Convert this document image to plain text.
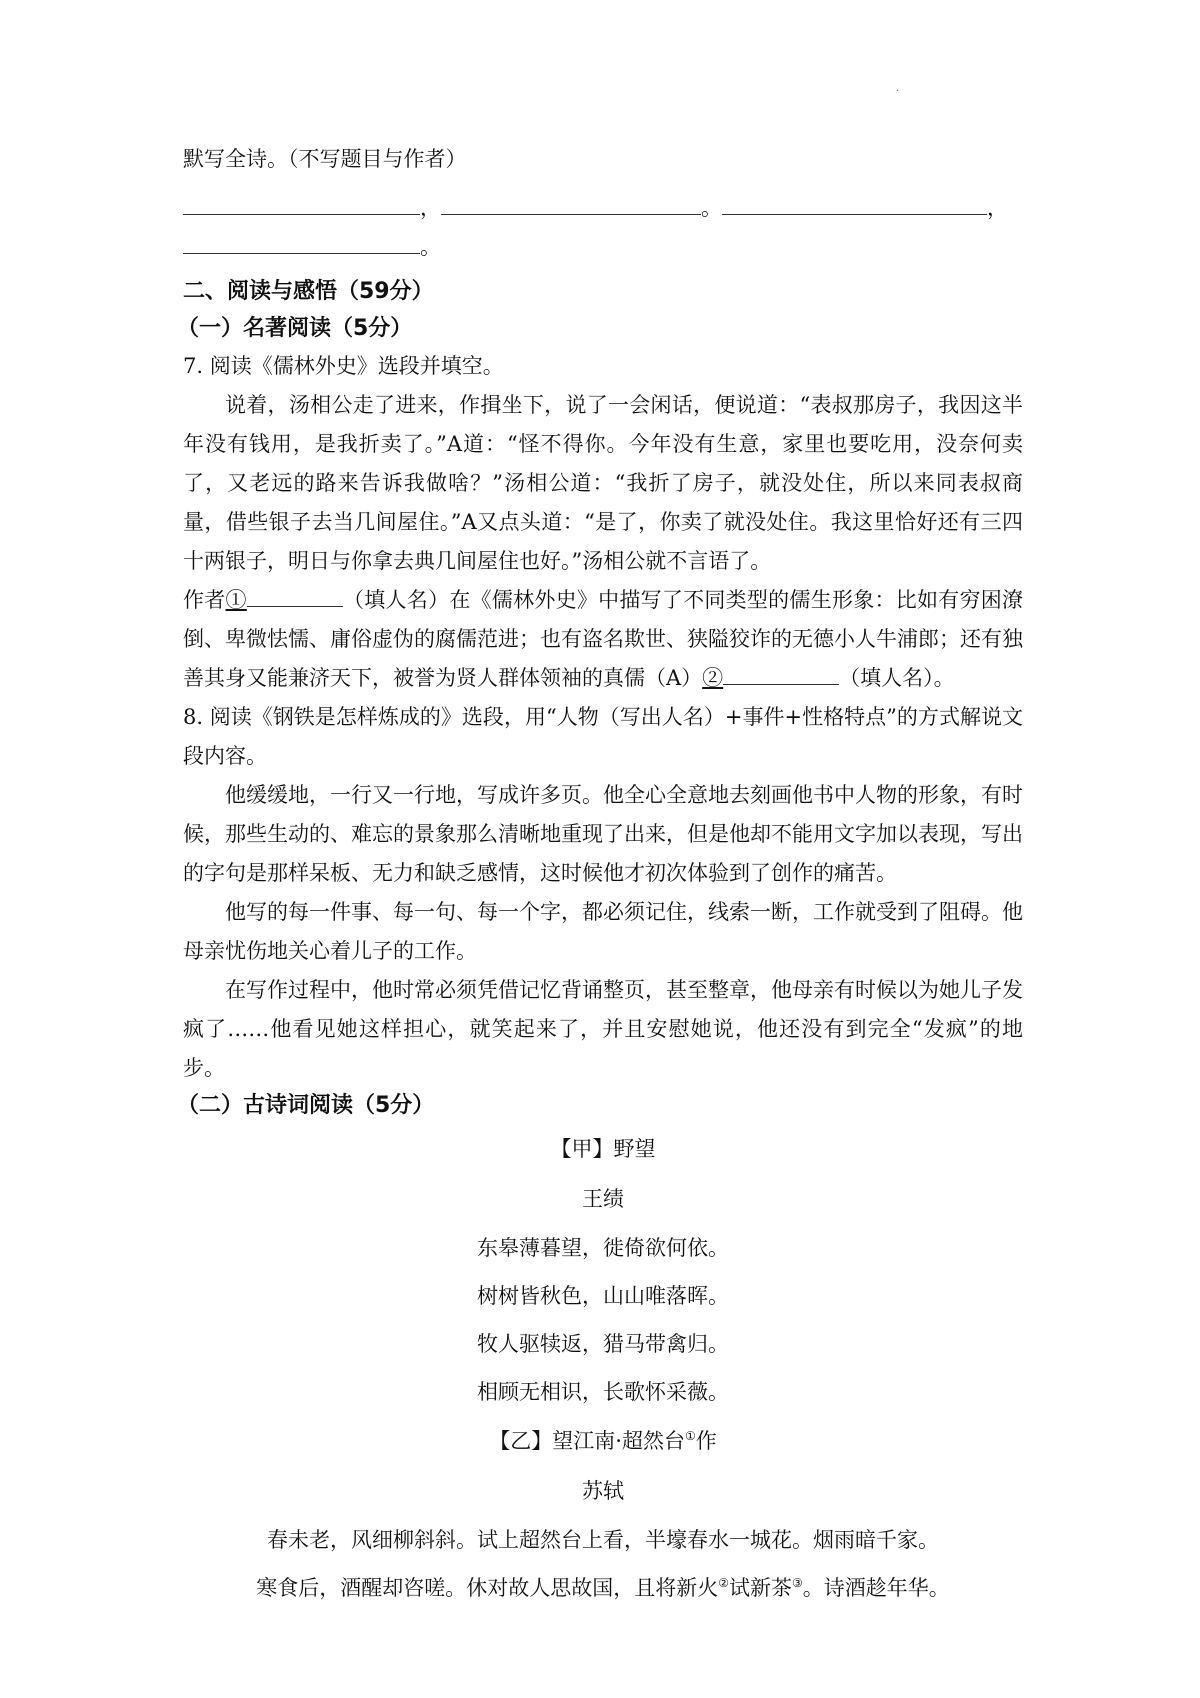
·
默写全诗。（不写题目与作者）
，	。	，
。
二、阅读与感悟（59分）
（一）名著阅读（5分）

7. 阅读《儒林外史》选段并填空。

说着，汤相公走了进来，作揖坐下，说了一会闲话，便说道：“表叔那房子，我因这半年没有钱用，是我折卖了。”A道：“怪不得你。今年没有生意，家里也要吃用，没奈何卖了，又老远的路来告诉我做啥？”汤相公道：“我折了房子，就没处住，所以来同表叔商量，借些银子去当几间屋住。”A又点头道：“是了，你卖了就没处住。我这里恰好还有三四十两银子，明日与你拿去典几间屋住也好。”汤相公就不言语了。

作者①	（填人名）在《儒林外史》中描写了不同类型的儒生形象：比如有穷困潦倒、卑微怯懦、庸俗虚伪的腐儒范进；也有盗名欺世、狭隘狡诈的无德小人牛浦郎；还有独善其身又能兼济天下，被誉为贤人群体领袖的真儒（A）②	（填人名）。

8. 阅读《钢铁是怎样炼成的》选段，用“人物（写出人名）+事件+性格特点”的方式解说文段内容。

他缓缓地，一行又一行地，写成许多页。他全心全意地去刻画他书中人物的形象，有时候，那些生动的、难忘的景象那么清晰地重现了出来，但是他却不能用文字加以表现，写出的字句是那样呆板、无力和缺乏感情，这时候他才初次体验到了创作的痛苦。

他写的每一件事、每一句、每一个字，都必须记住，线索一断，工作就受到了阻碍。他母亲忧伤地关心着儿子的工作。

在写作过程中，他时常必须凭借记忆背诵整页，甚至整章，他母亲有时候以为她儿子发疯了……他看见她这样担心，就笑起来了，并且安慰她说，他还没有到完全“发疯”的地步。

（二）古诗词阅读（5分）
【甲】野望
王绩
东皋薄暮望，徙倚欲何依。
树树皆秋色，山山唯落晖。
牧人驱犊返，猎马带禽归。
相顾无相识，长歌怀采薇。
【乙】望江南·超然台①作
苏轼
春未老，风细柳斜斜。试上超然台上看，半壕春水一城花。烟雨暗千家。
寒食后，酒醒却咨嗟。休对故人思故国，且将新火②试新茶③。诗酒趁年华。
